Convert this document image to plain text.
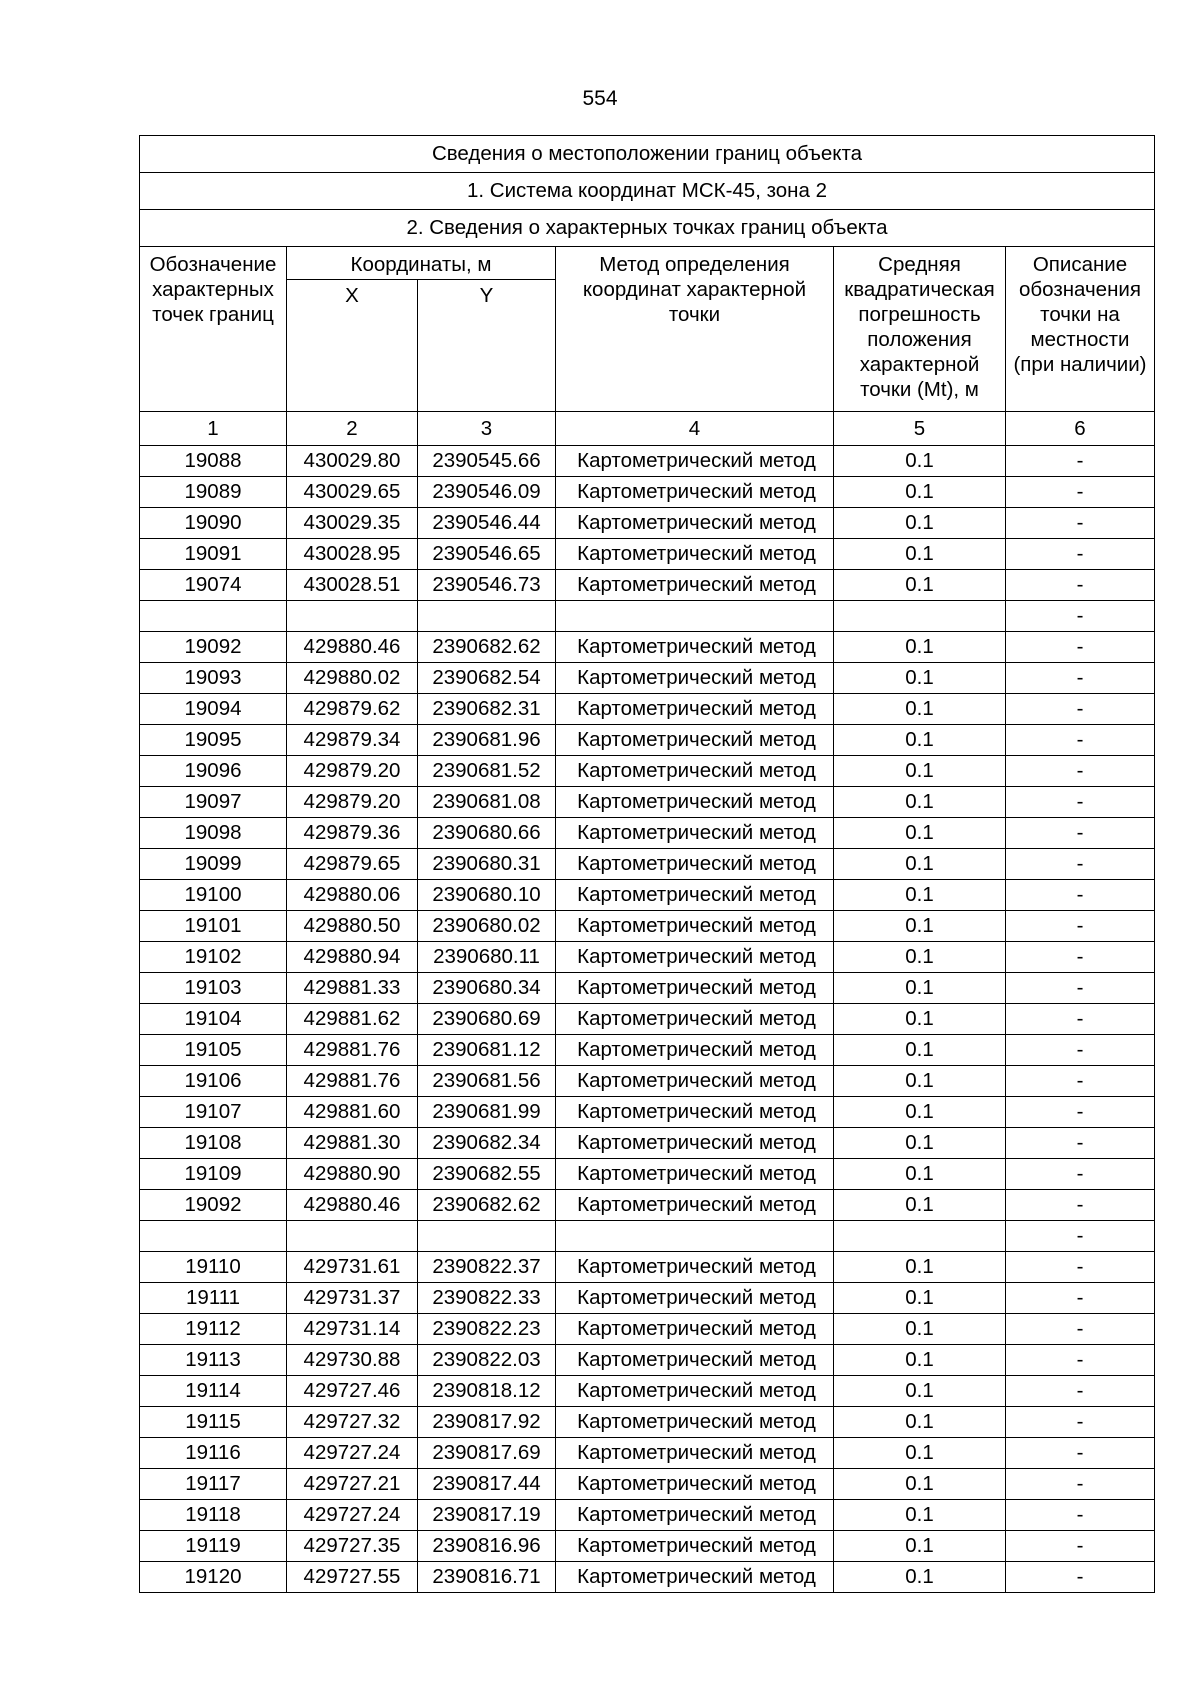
554
Сведения о местоположении границ объекта					
1. Система координат МСК-45, зона 2					
2. Сведения о характерных точках границ объекта					
Обозначение характерных точек границ	Координаты, м		Метод определения координат характерной точки	Средняя квадратическая погрешность положения характерной точки (Mt), м	Описание обозначения точки на местности (при наличии)
	X	Y			
1	2	3	4	5	6
19088	430029.80	2390545.66	Картометрический метод	0.1	-
19089	430029.65	2390546.09	Картометрический метод	0.1	-
19090	430029.35	2390546.44	Картометрический метод	0.1	-
19091	430028.95	2390546.65	Картометрический метод	0.1	-
19074	430028.51	2390546.73	Картометрический метод	0.1	-
					-
19092	429880.46	2390682.62	Картометрический метод	0.1	-
19093	429880.02	2390682.54	Картометрический метод	0.1	-
19094	429879.62	2390682.31	Картометрический метод	0.1	-
19095	429879.34	2390681.96	Картометрический метод	0.1	-
19096	429879.20	2390681.52	Картометрический метод	0.1	-
19097	429879.20	2390681.08	Картометрический метод	0.1	-
19098	429879.36	2390680.66	Картометрический метод	0.1	-
19099	429879.65	2390680.31	Картометрический метод	0.1	-
19100	429880.06	2390680.10	Картометрический метод	0.1	-
19101	429880.50	2390680.02	Картометрический метод	0.1	-
19102	429880.94	2390680.11	Картометрический метод	0.1	-
19103	429881.33	2390680.34	Картометрический метод	0.1	-
19104	429881.62	2390680.69	Картометрический метод	0.1	-
19105	429881.76	2390681.12	Картометрический метод	0.1	-
19106	429881.76	2390681.56	Картометрический метод	0.1	-
19107	429881.60	2390681.99	Картометрический метод	0.1	-
19108	429881.30	2390682.34	Картометрический метод	0.1	-
19109	429880.90	2390682.55	Картометрический метод	0.1	-
19092	429880.46	2390682.62	Картометрический метод	0.1	-
					-
19110	429731.61	2390822.37	Картометрический метод	0.1	-
19111	429731.37	2390822.33	Картометрический метод	0.1	-
19112	429731.14	2390822.23	Картометрический метод	0.1	-
19113	429730.88	2390822.03	Картометрический метод	0.1	-
19114	429727.46	2390818.12	Картометрический метод	0.1	-
19115	429727.32	2390817.92	Картометрический метод	0.1	-
19116	429727.24	2390817.69	Картометрический метод	0.1	-
19117	429727.21	2390817.44	Картометрический метод	0.1	-
19118	429727.24	2390817.19	Картометрический метод	0.1	-
19119	429727.35	2390816.96	Картометрический метод	0.1	-
19120	429727.55	2390816.71	Картометрический метод	0.1	-
